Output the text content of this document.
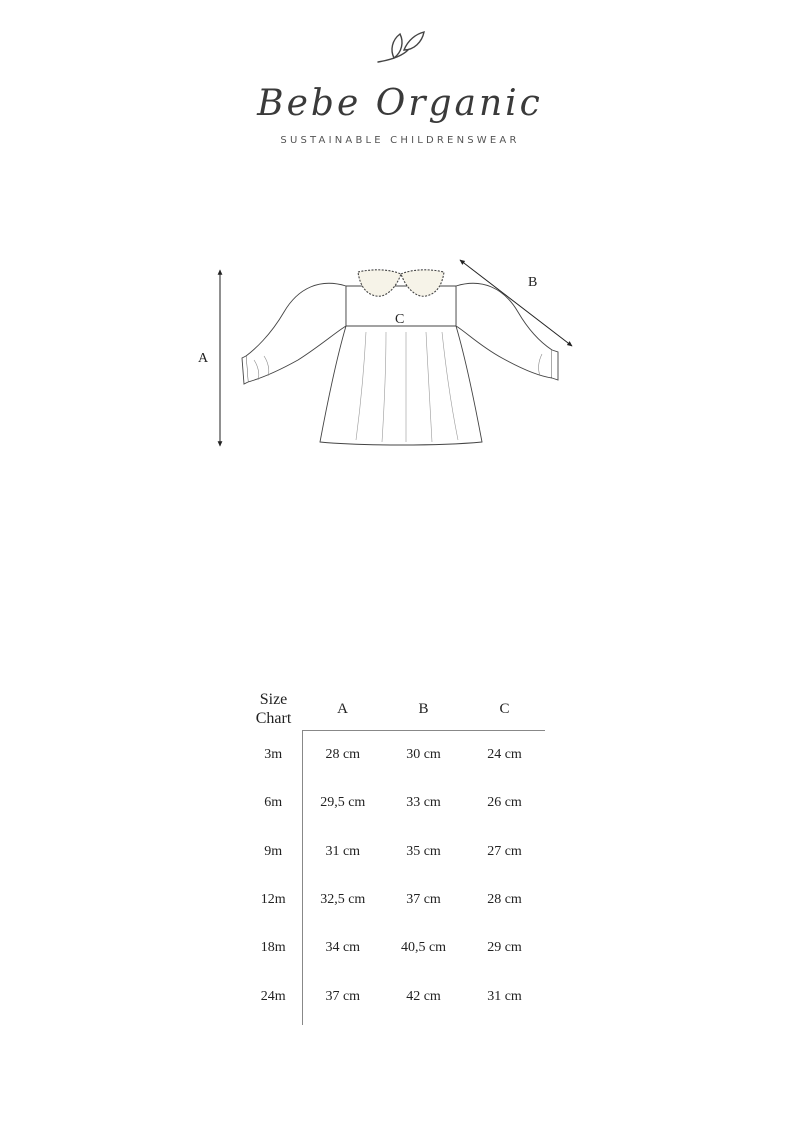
Bebe Organic
SUSTAINABLE CHILDRENSWEAR
A
B
C
Size Chart	A	B	C
3m	28 cm	30 cm	24 cm
6m	29,5 cm	33 cm	26 cm
9m	31 cm	35 cm	27 cm
12m	32,5 cm	37 cm	28 cm
18m	34 cm	40,5 cm	29 cm
24m	37 cm	42 cm	31 cm
